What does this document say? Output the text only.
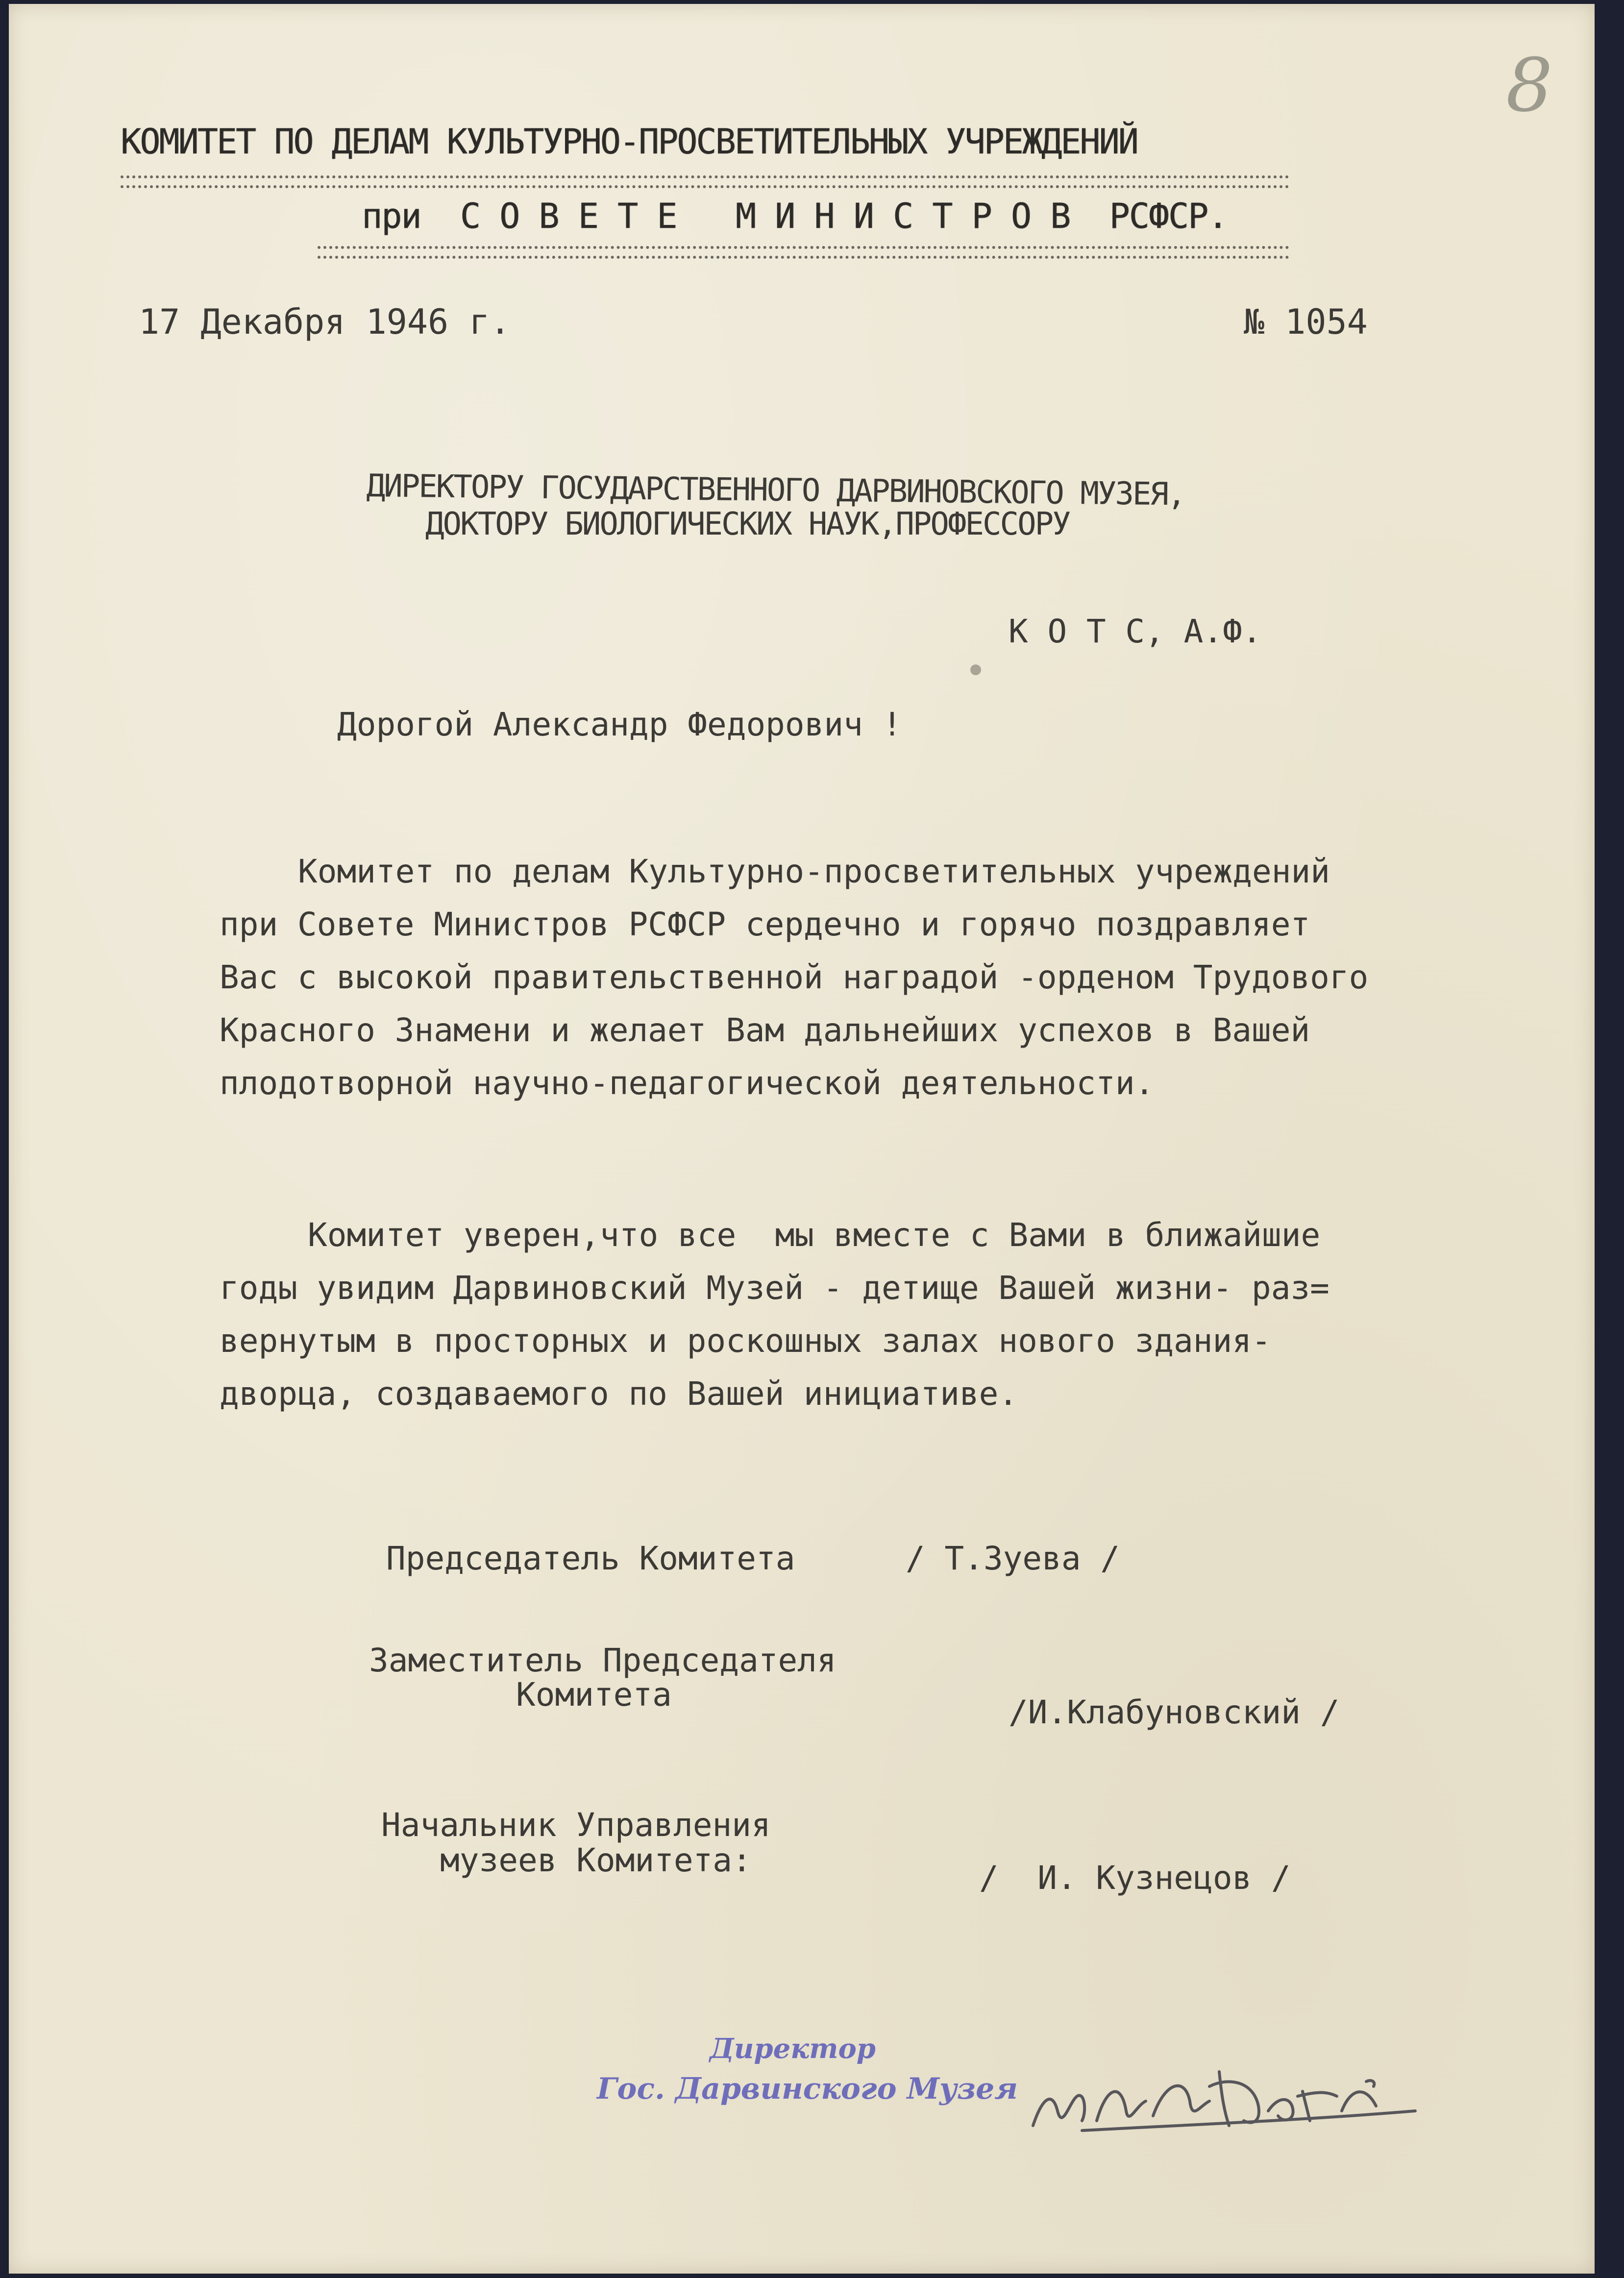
8
КОМИТЕТ ПО ДЕЛАМ КУЛЬТУРНО-ПРОСВЕТИТЕЛЬНЫХ УЧРЕЖДЕНИЙ
при  С О В Е Т Е   М И Н И С Т Р О В  РСФСР.
17 Декабря 1946 г.	№ 1054
ДИРЕКТОРУ ГОСУДАРСТВЕННОГО ДАРВИНОВСКОГО МУЗЕЯ,
ДОКТОРУ БИОЛОГИЧЕСКИХ НАУК,ПРОФЕССОРУ
К О Т С, А.Ф.
Дорогой Александр Федорович !
Комитет по делам Культурно-просветительных учреждений
при Совете Министров РСФСР сердечно и горячо поздравляет
Вас с высокой правительственной наградой -орденом Трудового
Красного Знамени и желает Вам дальнейших успехов в Вашей
плодотворной научно-педагогической деятельности.
Комитет уверен,что все  мы вместе с Вами в ближайшие
годы увидим Дарвиновский Музей - детище Вашей жизни- раз=
вернутым в просторных и роскошных залах нового здания-
дворца, создаваемого по Вашей инициативе.
Председатель Комитета	/ Т.Зуева /
Заместитель Председателя
Комитета	/И.Клабуновский /
Начальник Управления
музеев Комитета:	/  И. Кузнецов /
Директор
Гос. Дарвинского Музея
